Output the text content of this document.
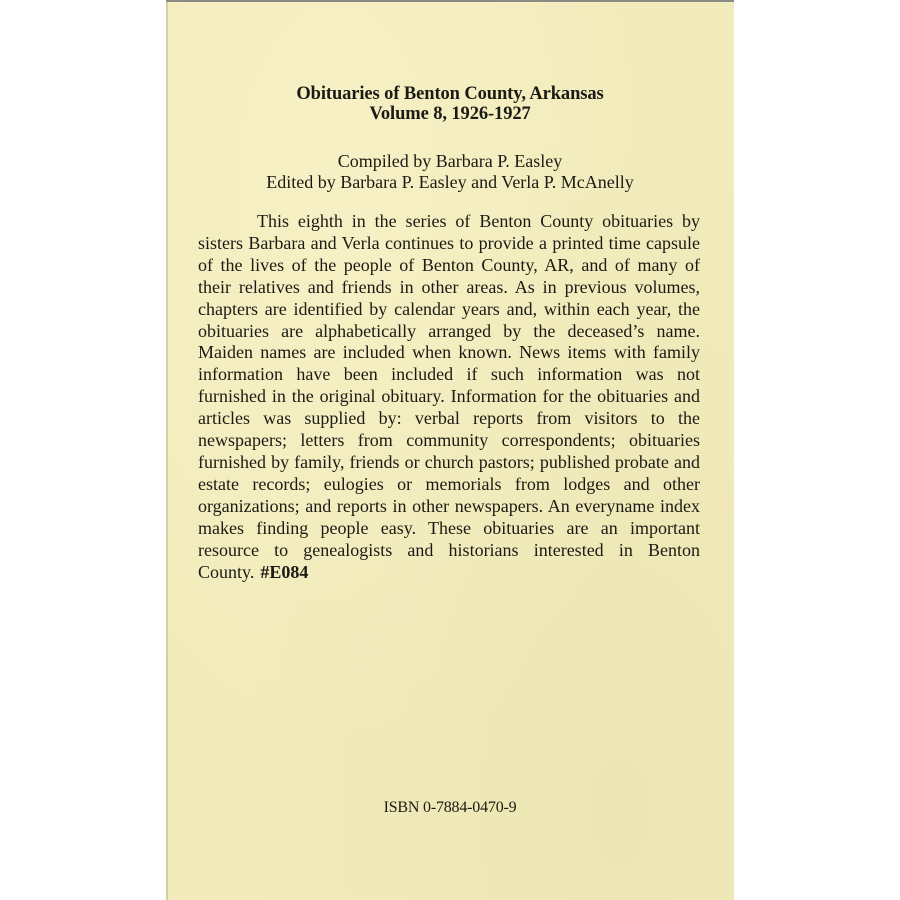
Obituaries of Benton County, Arkansas
Volume 8, 1926-1927
Compiled by Barbara P. Easley
Edited by Barbara P. Easley and Verla P. McAnelly

This eighth in the series of Benton County obituaries by sisters Barbara and Verla continues to provide a printed time capsule of the lives of the people of Benton County, AR, and of many of their relatives and friends in other areas. As in previous volumes, chapters are identified by calendar years and, within each year, the obituaries are alphabetically arranged by the deceased’s name. Maiden names are included when known. News items with family information have been included if such information was not furnished in the original obituary. Information for the obituaries and articles was supplied by: verbal reports from visitors to the newspapers; letters from community correspondents; obituaries furnished by family, friends or church pastors; published probate and estate records; eulogies or memorials from lodges and other organizations; and reports in other newspapers. An everyname index makes finding people easy. These obituaries are an important resource to genealogists and historians interested in Benton County. #E084

ISBN 0-7884-0470-9
